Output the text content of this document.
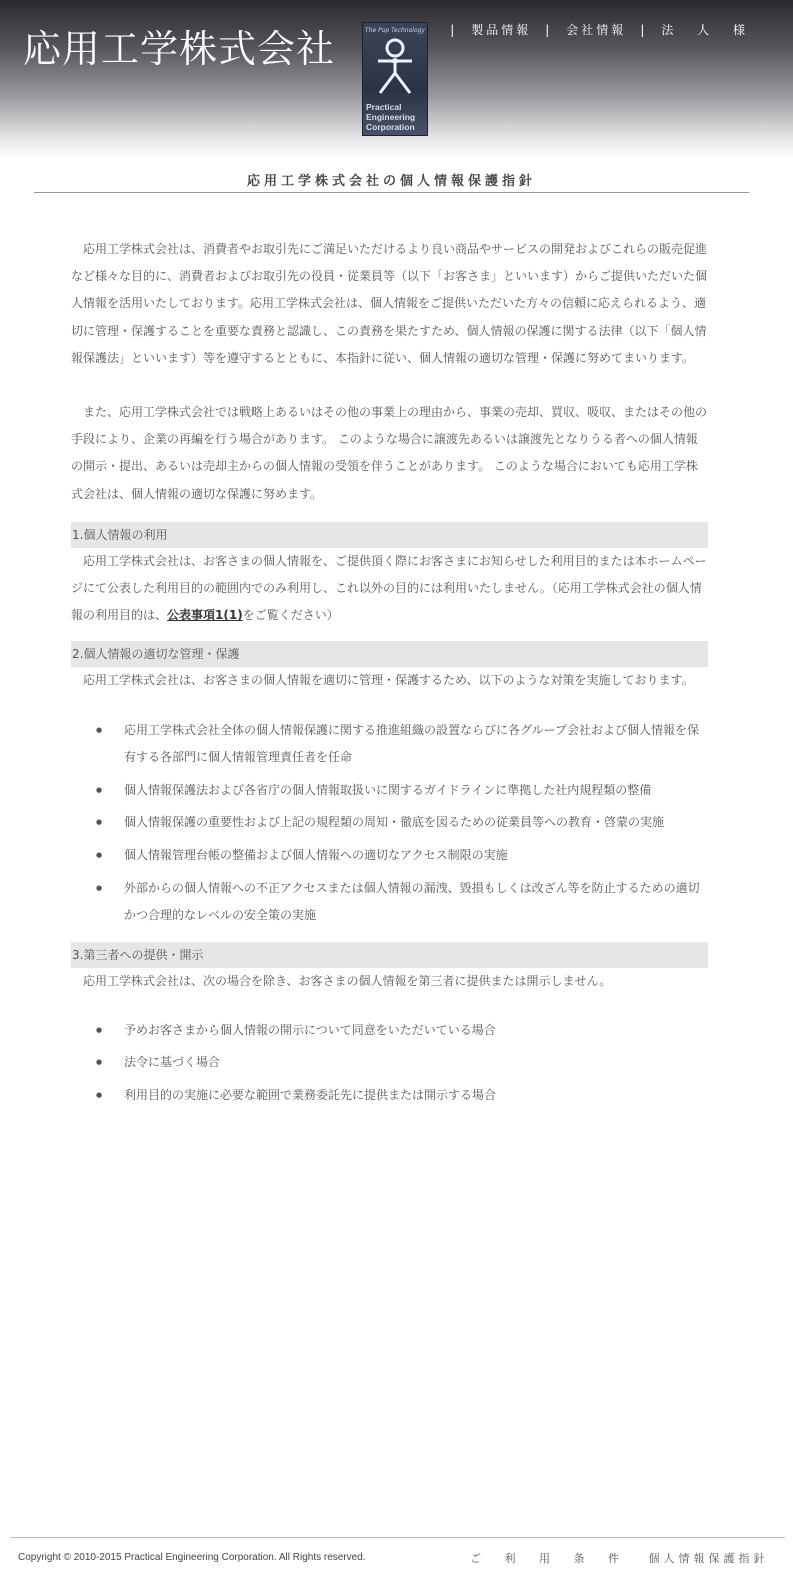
応用工学株式会社	The Pop Technology
Practical
Engineering
Corporation
| 製品情報 | 会社情報 | 法 人 様
応用工学株式会社の個人情報保護指針

応用工学株式会社は、消費者やお取引先にご満足いただけるより良い商品やサービスの開発およびこれらの販売促進など様々な目的に、消費者およびお取引先の役員・従業員等（以下「お客さま」といいます）からご提供いただいた個人情報を活用いたしております。応用工学株式会社は、個人情報をご提供いただいた方々の信頼に応えられるよう、適切に管理・保護することを重要な責務と認識し、この責務を果たすため、個人情報の保護に関する法律（以下「個人情報保護法」といいます）等を遵守するとともに、本指針に従い、個人情報の適切な管理・保護に努めてまいります。

また、応用工学株式会社では戦略上あるいはその他の事業上の理由から、事業の売却、買収、吸収、またはその他の手段により、企業の再編を行う場合があります。 このような場合に譲渡先あるいは譲渡先となりうる者への個人情報の開示・提出、あるいは売却主からの個人情報の受領を伴うことがあります。 このような場合においても応用工学株式会社は、個人情報の適切な保護に努めます。

1.個人情報の利用

応用工学株式会社は、お客さまの個人情報を、ご提供頂く際にお客さまにお知らせした利用目的または本ホームページにて公表した利用目的の範囲内でのみ利用し、これ以外の目的には利用いたしません。（応用工学株式会社の個人情報の利用目的は、公表事項1(1)をご覧ください）

2.個人情報の適切な管理・保護

応用工学株式会社は、お客さまの個人情報を適切に管理・保護するため、以下のような対策を実施しております。

● 応用工学株式会社全体の個人情報保護に関する推進組織の設置ならびに各グループ会社および個人情報を保有する各部門に個人情報管理責任者を任命
● 個人情報保護法および各省庁の個人情報取扱いに関するガイドラインに準拠した社内規程類の整備
● 個人情報保護の重要性および上記の規程類の周知・徹底を図るための従業員等への教育・啓蒙の実施
● 個人情報管理台帳の整備および個人情報への適切なアクセス制限の実施
● 外部からの個人情報への不正アクセスまたは個人情報の漏洩、毀損もしくは改ざん等を防止するための適切かつ合理的なレベルの安全策の実施
3.第三者への提供・開示

応用工学株式会社は、次の場合を除き、お客さまの個人情報を第三者に提供または開示しません。

● 予めお客さまから個人情報の開示について同意をいただいている場合
● 法令に基づく場合
● 利用目的の実施に必要な範囲で業務委託先に提供または開示する場合
Copyright © 2010-2015 Practical Engineering Corporation. All Rights reserved.	ご 利 用 条 件 個人情報保護指針
